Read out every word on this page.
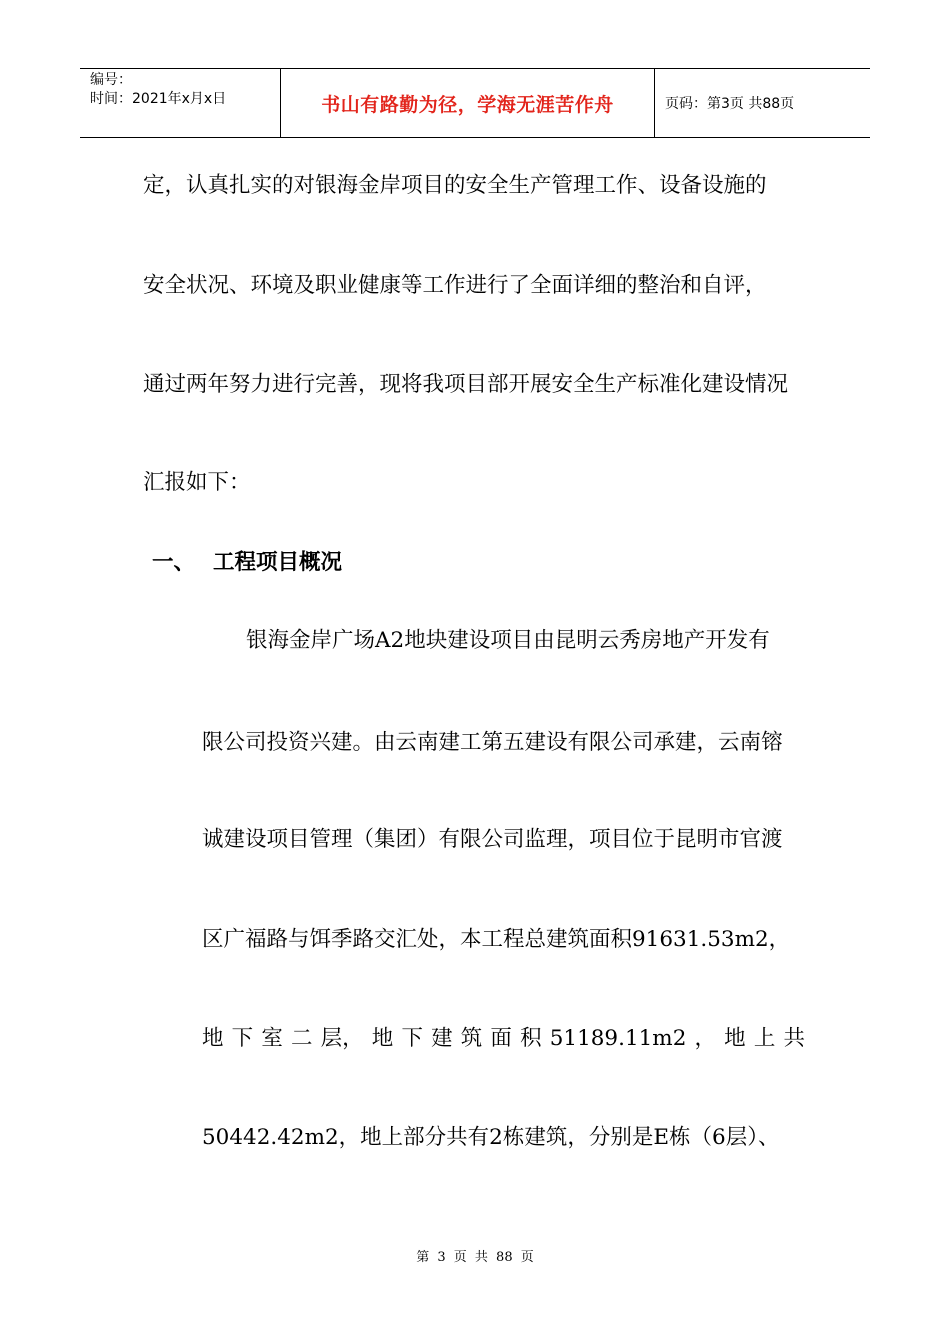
编号：
时间：2021年x月x日	书山有路勤为径，学海无涯苦作舟	页码：第3页 共88页
定，认真扎实的对银海金岸项目的安全生产管理工作、设备设施的
安全状况、环境及职业健康等工作进行了全面详细的整治和自评，
通过两年努力进行完善，现将我项目部开展安全生产标准化建设情况
汇报如下：
一、 工程项目概况
银海金岸广场A2地块建设项目由昆明云秀房地产开发有
限公司投资兴建。由云南建工第五建设有限公司承建，云南镕
诚建设项目管理（集团）有限公司监理，项目位于昆明市官渡
区广福路与饵季路交汇处，本工程总建筑面积91631.53m2，
地 下 室 二 层， 地 下 建 筑 面 积 51189.11m2 ， 地 上 共
50442.42m2，地上部分共有2栋建筑，分别是E栋（6层）、
第 3 页 共 88 页
